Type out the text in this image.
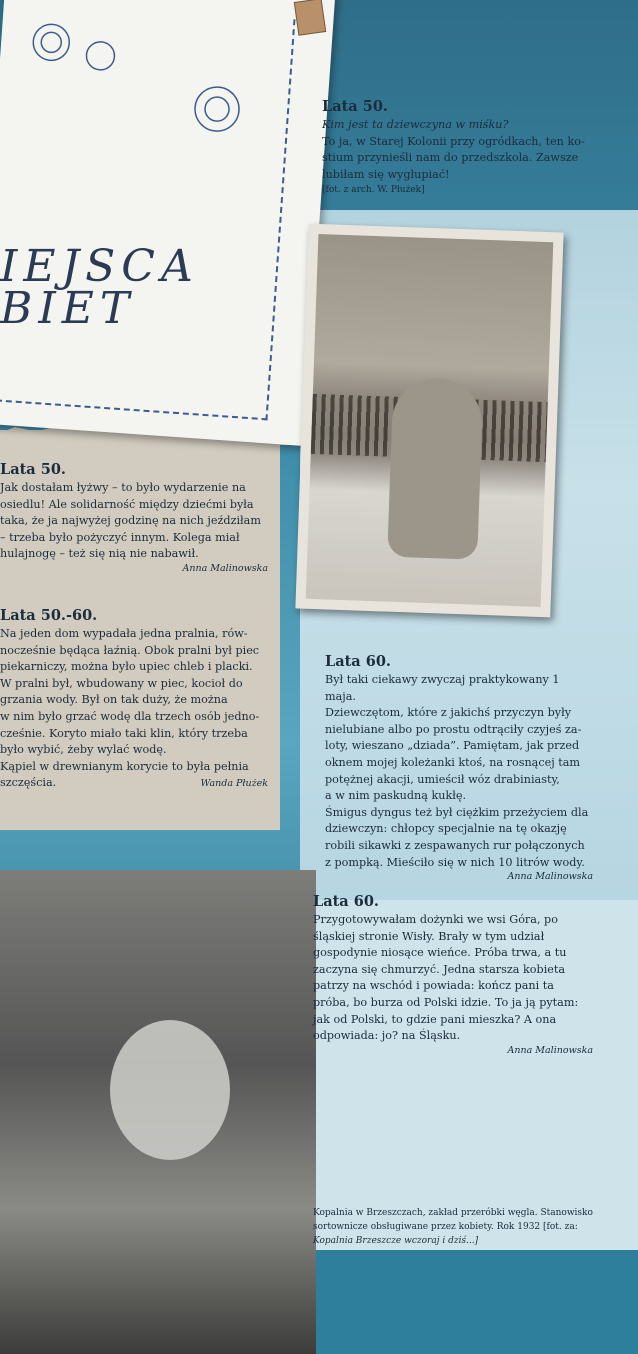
IEJSCA
BIET
Lata 50.
Kim jest ta dziewczyna w miśku?
To ja, w Starej Kolonii przy ogródkach, ten ko-
stium przynieśli nam do przedszkola. Zawsze
lubiłam się wygłupiać!
[fot. z arch. W. Płużek]
Lata 50.
Jak dostałam łyżwy – to było wydarzenie na
osiedlu! Ale solidarność między dziećmi była
taka, że ja najwyżej godzinę na nich jeździłam
– trzeba było pożyczyć innym. Kolega miał
hulajnogę – też się nią nie nabawił.
Anna Malinowska
Lata 50.-60.
Na jeden dom wypadała jedna pralnia, rów-
nocześnie będąca łaźnią. Obok pralni był piec
piekarniczy, można było upiec chleb i placki.
W pralni był, wbudowany w piec, kocioł do
grzania wody. Był on tak duży, że można
w nim było grzać wodę dla trzech osób jedno-
cześnie. Koryto miało taki klin, który trzeba
było wybić, żeby wylać wodę.
Kąpiel w drewnianym korycie to była pełnia
szczęścia.	Wanda Płużek
Lata 60.
Był taki ciekawy zwyczaj praktykowany 1 maja.
Dziewczętom, które z jakichś przyczyn były
nielubiane albo po prostu odtrąciły czyjeś za-
loty, wieszano „dziada”. Pamiętam, jak przed
oknem mojej koleżanki ktoś, na rosnącej tam
potężnej akacji, umieścił wóz drabiniasty,
a w nim paskudną kukłę.
Śmigus dyngus też był ciężkim przeżyciem dla
dziewczyn: chłopcy specjalnie na tę okazję
robili sikawki z zespawanych rur połączonych
z pompką. Mieściło się w nich 10 litrów wody.
Anna Malinowska
Lata 60.
Przygotowywałam dożynki we wsi Góra, po
śląskiej stronie Wisły. Brały w tym udział
gospodynie niosące wieńce. Próba trwa, a tu
zaczyna się chmurzyć. Jedna starsza kobieta
patrzy na wschód i powiada: kończ pani ta
próba, bo burza od Polski idzie. To ja ją pytam:
jak od Polski, to gdzie pani mieszka? A ona
odpowiada: jo? na Śląsku.
Anna Malinowska
Kopalnia w Brzeszczach, zakład przeróbki węgla. Stanowisko
sortownicze obsługiwane przez kobiety. Rok 1932 [fot. za:
Kopalnia Brzeszcze wczoraj i dziś...]
